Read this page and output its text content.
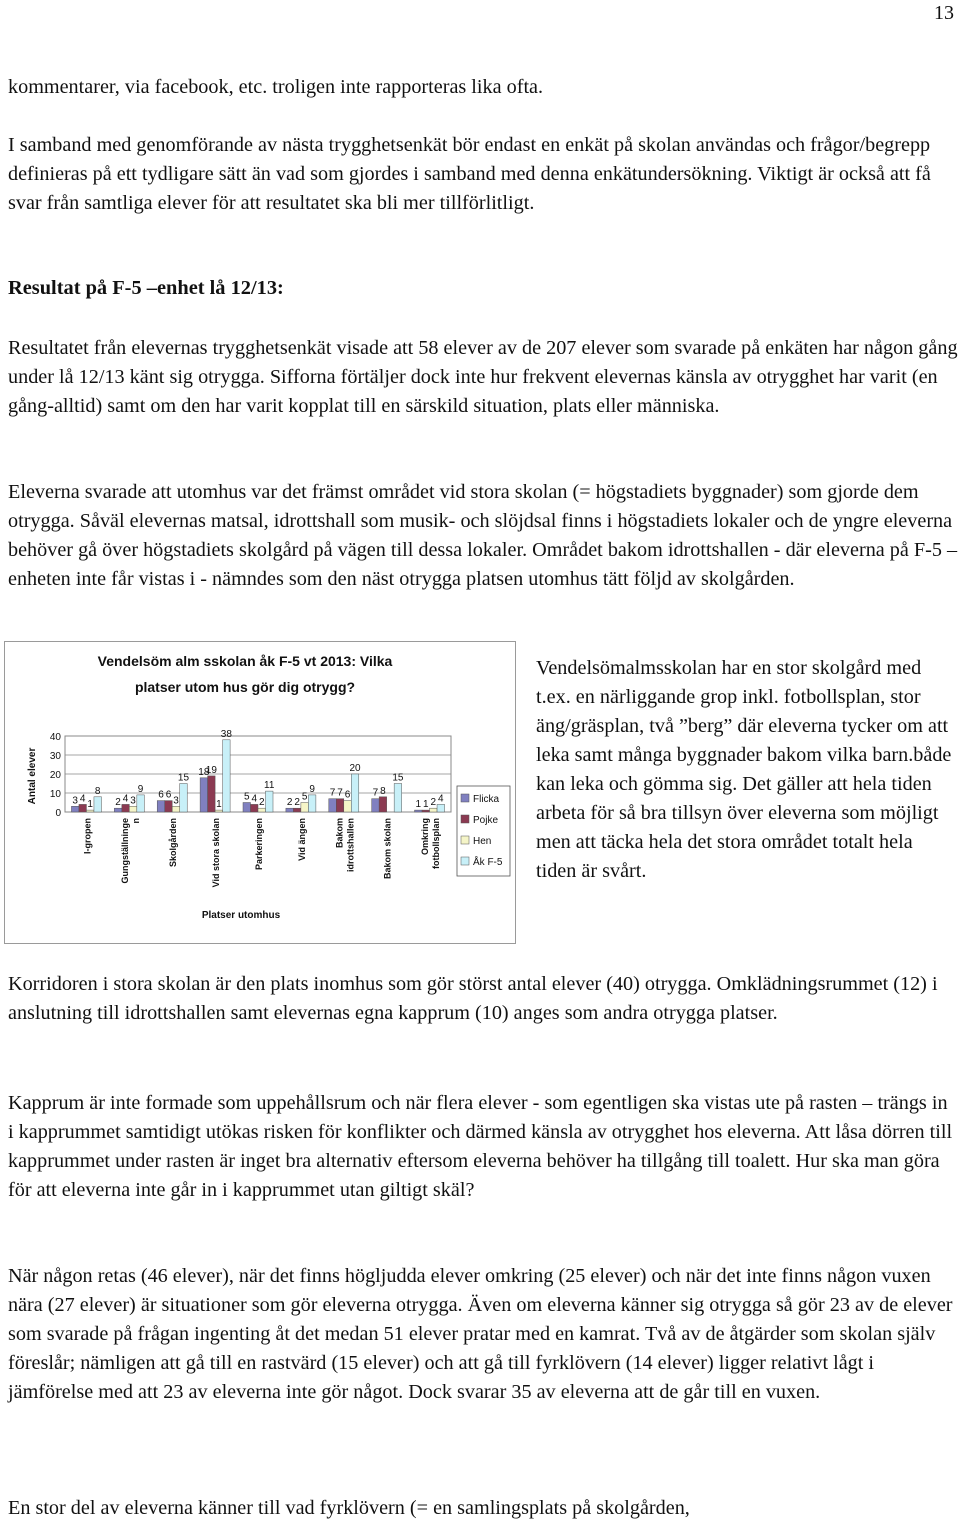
13

kommentarer, via facebook, etc. troligen inte rapporteras lika ofta.

I samband med genomförande av nästa trygghetsenkät bör endast en enkät på skolan användas och frågor/begrepp definieras på ett tydligare sätt än vad som gjordes i samband med denna enkätundersökning. Viktigt är också att få svar från samtliga elever för att resultatet ska bli mer tillförlitligt.

Resultat på F-5 –enhet lå 12/13:

Resultatet från elevernas trygghetsenkät visade att 58 elever av de 207 elever som svarade på enkäten har någon gång under lå 12/13 känt sig otrygga. Sifforna förtäljer dock inte hur frekvent elevernas känsla av otrygghet har varit (en gång-alltid) samt om den har varit kopplat till en särskild situation, plats eller människa.

Eleverna svarade att utomhus var det främst området vid stora skolan (= högstadiets byggnader) som gjorde dem otrygga. Såväl elevernas matsal, idrottshall som musik- och slöjdsal finns i högstadiets lokaler och de yngre eleverna behöver gå över högstadiets skolgård på vägen till dessa lokaler. Området bakom idrottshallen - där eleverna på F-5 –enheten inte får vistas i - nämndes som den näst otrygga platsen utomhus tätt följd av skolgården.

Vendelsöm alm sskolan åk F-5 vt 2013: Vilka
platser utom hus gör dig otrygg?
Antal elever
Platser utomhus
3 4
1
8
2 4 3
9
6 6
3
15
18
19
1
38
5 4 2
11
2 2
5
9 7 7 6
20
7 8
15
1 1 2 4
I-gropen	Gungställninge n	Skolgården	Vid stora skolan	Parkeringen	Vid ängen	Bakom idrottshallen	Bakom skolan	Omkring fotbollsplan
0
10
20
30
40
Flicka
Pojke
Hen
Åk F-5

Vendelsömalmsskolan har en stor skolgård med t.ex. en närliggande grop inkl. fotbollsplan, stor äng/gräsplan, två ”berg” där eleverna tycker om att leka samt många byggnader bakom vilka barn.både kan leka och gömma sig. Det gäller att hela tiden arbeta för så bra tillsyn över eleverna som möjligt men att täcka hela det stora området totalt hela tiden är svårt.

Korridoren i stora skolan är den plats inomhus som gör störst antal elever (40) otrygga. Omklädningsrummet (12) i anslutning till idrottshallen samt elevernas egna kapprum (10) anges som andra otrygga platser.

Kapprum är inte formade som uppehållsrum och när flera elever - som egentligen ska vistas ute på rasten – trängs in i kapprummet samtidigt utökas risken för konflikter och därmed känsla av otrygghet hos eleverna. Att låsa dörren till kapprummet under rasten är inget bra alternativ eftersom eleverna behöver ha tillgång till toalett. Hur ska man göra för att eleverna inte går in i kapprummet utan giltigt skäl?

När någon retas (46 elever), när det finns högljudda elever omkring (25 elever) och när det inte finns någon vuxen nära (27 elever) är situationer som gör eleverna otrygga. Även om eleverna känner sig otrygga så gör 23 av de elever som svarade på frågan ingenting åt det medan 51 elever pratar med en kamrat. Två av de åtgärder som skolan själv föreslår; nämligen att gå till en rastvärd (15 elever) och att gå till fyrklövern (14 elever) ligger relativt lågt i jämförelse med att 23 av eleverna inte gör något. Dock svarar 35 av eleverna att de går till en vuxen.

En stor del av eleverna känner till vad fyrklövern (= en samlingsplats på skolgården,
